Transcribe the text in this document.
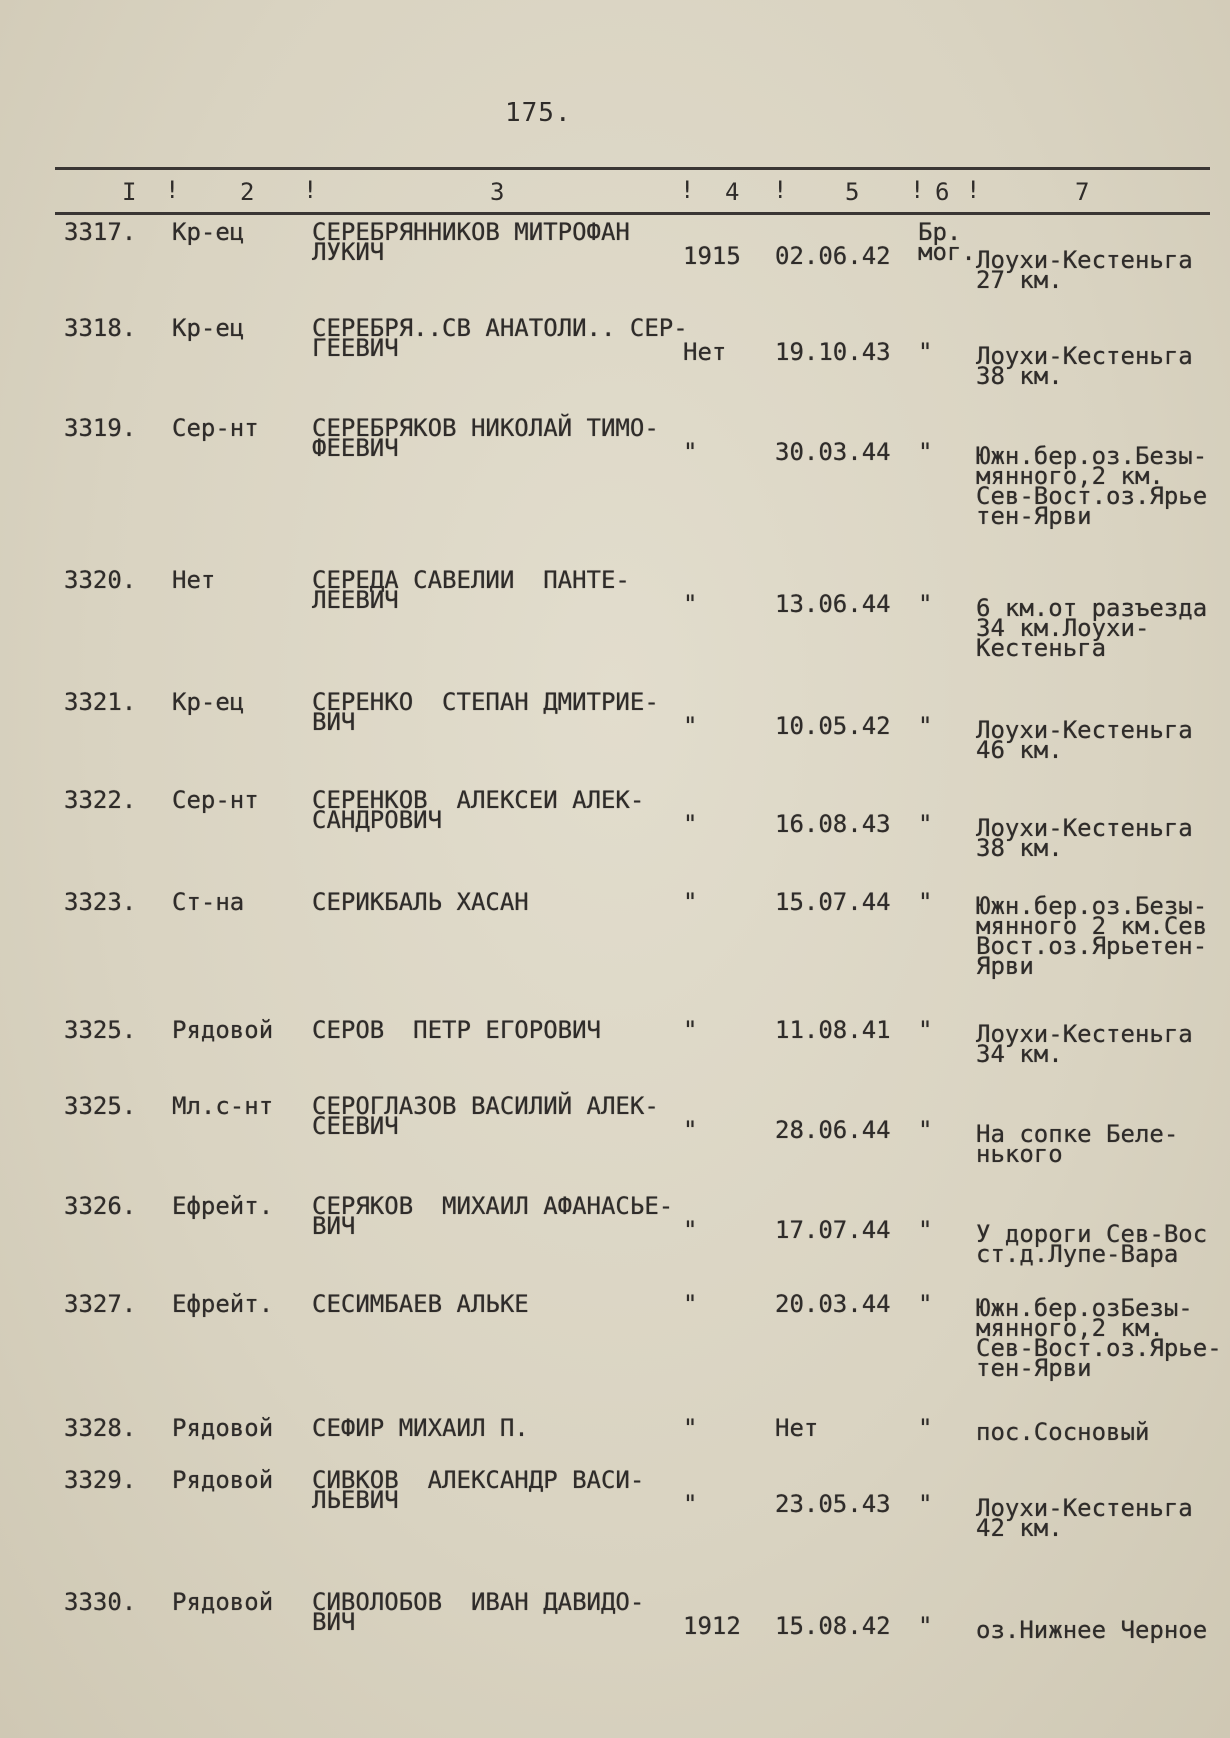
175.
I !	2 !	3	! 4 ! 5 ! 6 !	7
3317. Кр-ец	СЕРЕБРЯННИКОВ МИТРОФАН
ЛУКИЧ	1915 02.06.42
Бр.
мог. Лоухи-Кестеньга
27 км.
3318. Кр-ец	СЕРЕБРЯ..СВ АНАТОЛИ.. СЕР-
ГЕЕВИЧ	Нет 19.10.43 " Лоухи-Кестеньга
38 км.
3319. Сер-нт СЕРЕБРЯКОВ НИКОЛАЙ ТИМО-
ФЕЕВИЧ	"	30.03.44 " Южн.бер.оз.Безы-
мянного,2 км.
Сев-Вост.оз.Ярье
тен-Ярви
3320. Нет	СЕРЕДА САВЕЛИИ  ПАНТЕ-
ЛЕЕВИЧ	"	13.06.44 " 6 км.от разъезда
34 км.Лоухи-
Кестеньга
3321. Кр-ец	СЕРЕНКО  СТЕПАН ДМИТРИЕ-
ВИЧ	"	10.05.42 " Лоухи-Кестеньга
46 км.
3322. Сер-нт СЕРЕНКОВ  АЛЕКСЕИ АЛЕК-
САНДРОВИЧ	"	16.08.43 " Лоухи-Кестеньга
38 км.
3323. Ст-на	СЕРИКБАЛЬ ХАСАН	"	15.07.44 " Южн.бер.оз.Безы-
мянного 2 км.Сев
Вост.оз.Ярьетен-
Ярви
3325. Рядовой СЕРОВ  ПЕТР ЕГОРОВИЧ	"	11.08.41 " Лоухи-Кестеньга
34 км.
3325. Мл.с-нт СЕРОГЛАЗОВ ВАСИЛИЙ АЛЕК-
СЕЕВИЧ	"	28.06.44 " На сопке Беле-
нького
3326. Ефрейт. СЕРЯКОВ  МИХАИЛ АФАНАСЬЕ-
ВИЧ	"	17.07.44 " У дороги Сев-Вос
ст.д.Лупе-Вара
3327. Ефрейт. СЕСИМБАЕВ АЛЬКЕ	"	20.03.44 " Южн.бер.озБезы-
мянного,2 км.
Сев-Вост.оз.Ярье-
тен-Ярви
3328. Рядовой СЕФИР МИХАИЛ П.	"	Нет	" пос.Сосновый
3329. Рядовой СИВКОВ  АЛЕКСАНДР ВАСИ-
ЛЬЕВИЧ	"	23.05.43 " Лоухи-Кестеньга
42 км.
3330. Рядовой СИВОЛОБОВ  ИВАН ДАВИДО-
ВИЧ	1912 15.08.42 " оз.Нижнее Черное
